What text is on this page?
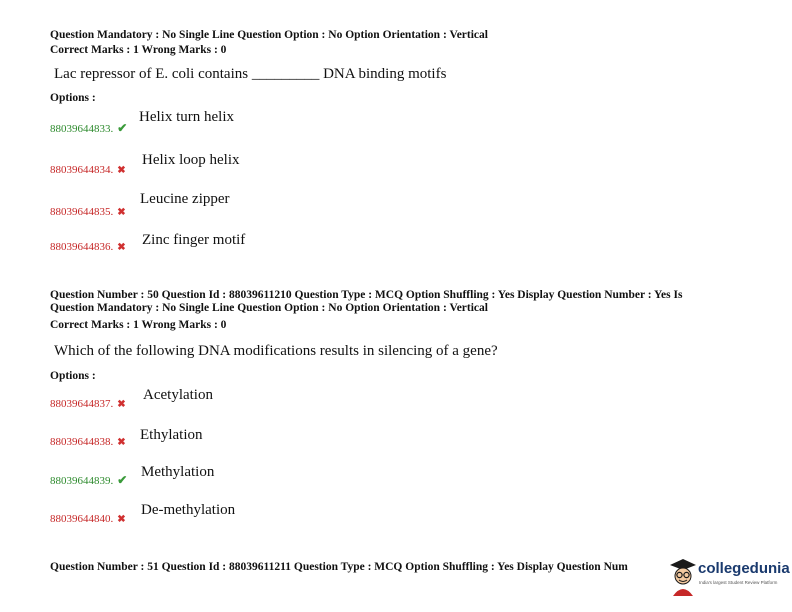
Question Mandatory : No Single Line Question Option : No Option Orientation : Vertical
Correct Marks : 1 Wrong Marks : 0
Lac repressor of E. coli contains _________ DNA binding motifs
Options :
88039644833. ✔
Helix turn helix
88039644834. ✖
Helix loop helix
88039644835. ✖
Leucine zipper
88039644836. ✖ Zinc finger motif
Question Number : 50 Question Id : 88039611210 Question Type : MCQ Option Shuffling : Yes Display Question Number : Yes Is
Question Mandatory : No Single Line Question Option : No Option Orientation : Vertical
Correct Marks : 1 Wrong Marks : 0
Which of the following DNA modifications results in silencing of a gene?
Options :
88039644837. ✖
Acetylation
88039644838. ✖ Ethylation
88039644839. ✔ Methylation
88039644840. ✖
De-methylation
Question Number : 51 Question Id : 88039611211 Question Type : MCQ Option Shuffling : Yes Display Question Num	collegedunia
India's largest Student Review Platform
